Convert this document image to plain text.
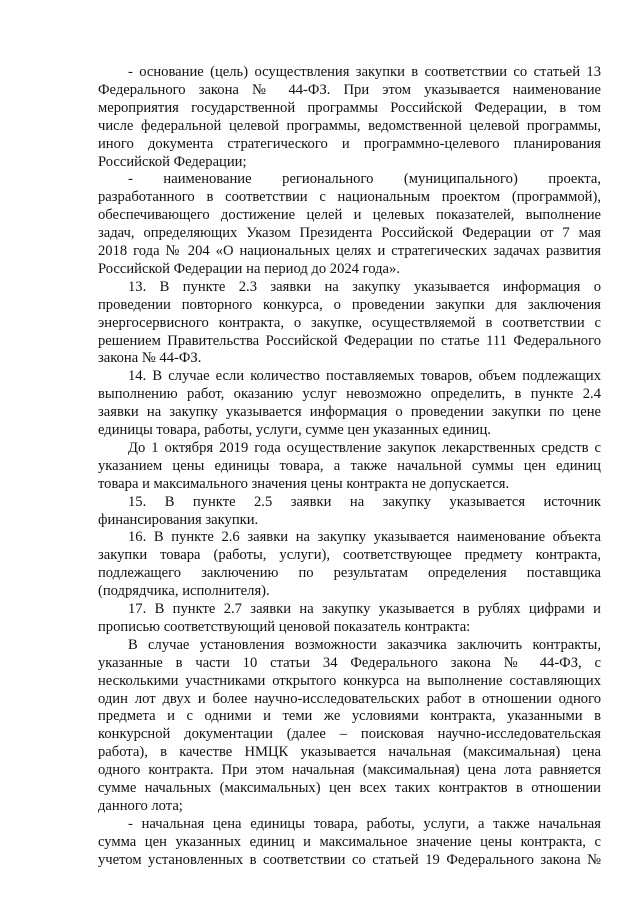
- основание (цель) осуществления закупки в соответствии со статьей 13
Федерального закона № 44-ФЗ. При этом указывается наименование
мероприятия государственной программы Российской Федерации, в том
числе федеральной целевой программы, ведомственной целевой программы,
иного документа стратегического и программно-целевого планирования
Российской Федерации;
- наименование регионального (муниципального) проекта,
разработанного в соответствии с национальным проектом (программой),
обеспечивающего достижение целей и целевых показателей, выполнение
задач, определяющих Указом Президента Российской Федерации от 7 мая
2018 года № 204 «О национальных целях и стратегических задачах развития
Российской Федерации на период до 2024 года».
13. В пункте 2.3 заявки на закупку указывается информация о
проведении повторного конкурса, о проведении закупки для заключения
энергосервисного контракта, о закупке, осуществляемой в соответствии с
решением Правительства Российской Федерации по статье 111 Федерального
закона № 44-ФЗ.
14. В случае если количество поставляемых товаров, объем подлежащих
выполнению работ, оказанию услуг невозможно определить, в пункте 2.4
заявки на закупку указывается информация о проведении закупки по цене
единицы товара, работы, услуги, сумме цен указанных единиц.
До 1 октября 2019 года осуществление закупок лекарственных средств с
указанием цены единицы товара, а также начальной суммы цен единиц
товара и максимального значения цены контракта не допускается.
15. В пункте 2.5 заявки на закупку указывается источник
финансирования закупки.
16. В пункте 2.6 заявки на закупку указывается наименование объекта
закупки товара (работы, услуги), соответствующее предмету контракта,
подлежащего заключению по результатам определения поставщика
(подрядчика, исполнителя).
17. В пункте 2.7 заявки на закупку указывается в рублях цифрами и
прописью соответствующий ценовой показатель контракта:
В случае установления возможности заказчика заключить контракты,
указанные в части 10 статьи 34 Федерального закона № 44-ФЗ, с
несколькими участниками открытого конкурса на выполнение составляющих
один лот двух и более научно-исследовательских работ в отношении одного
предмета и с одними и теми же условиями контракта, указанными в
конкурсной документации (далее – поисковая научно-исследовательская
работа), в качестве НМЦК указывается начальная (максимальная) цена
одного контракта. При этом начальная (максимальная) цена лота равняется
сумме начальных (максимальных) цен всех таких контрактов в отношении
данного лота;
- начальная цена единицы товара, работы, услуги, а также начальная
сумма цен указанных единиц и максимальное значение цены контракта, с
учетом установленных в соответствии со статьей 19 Федерального закона №
